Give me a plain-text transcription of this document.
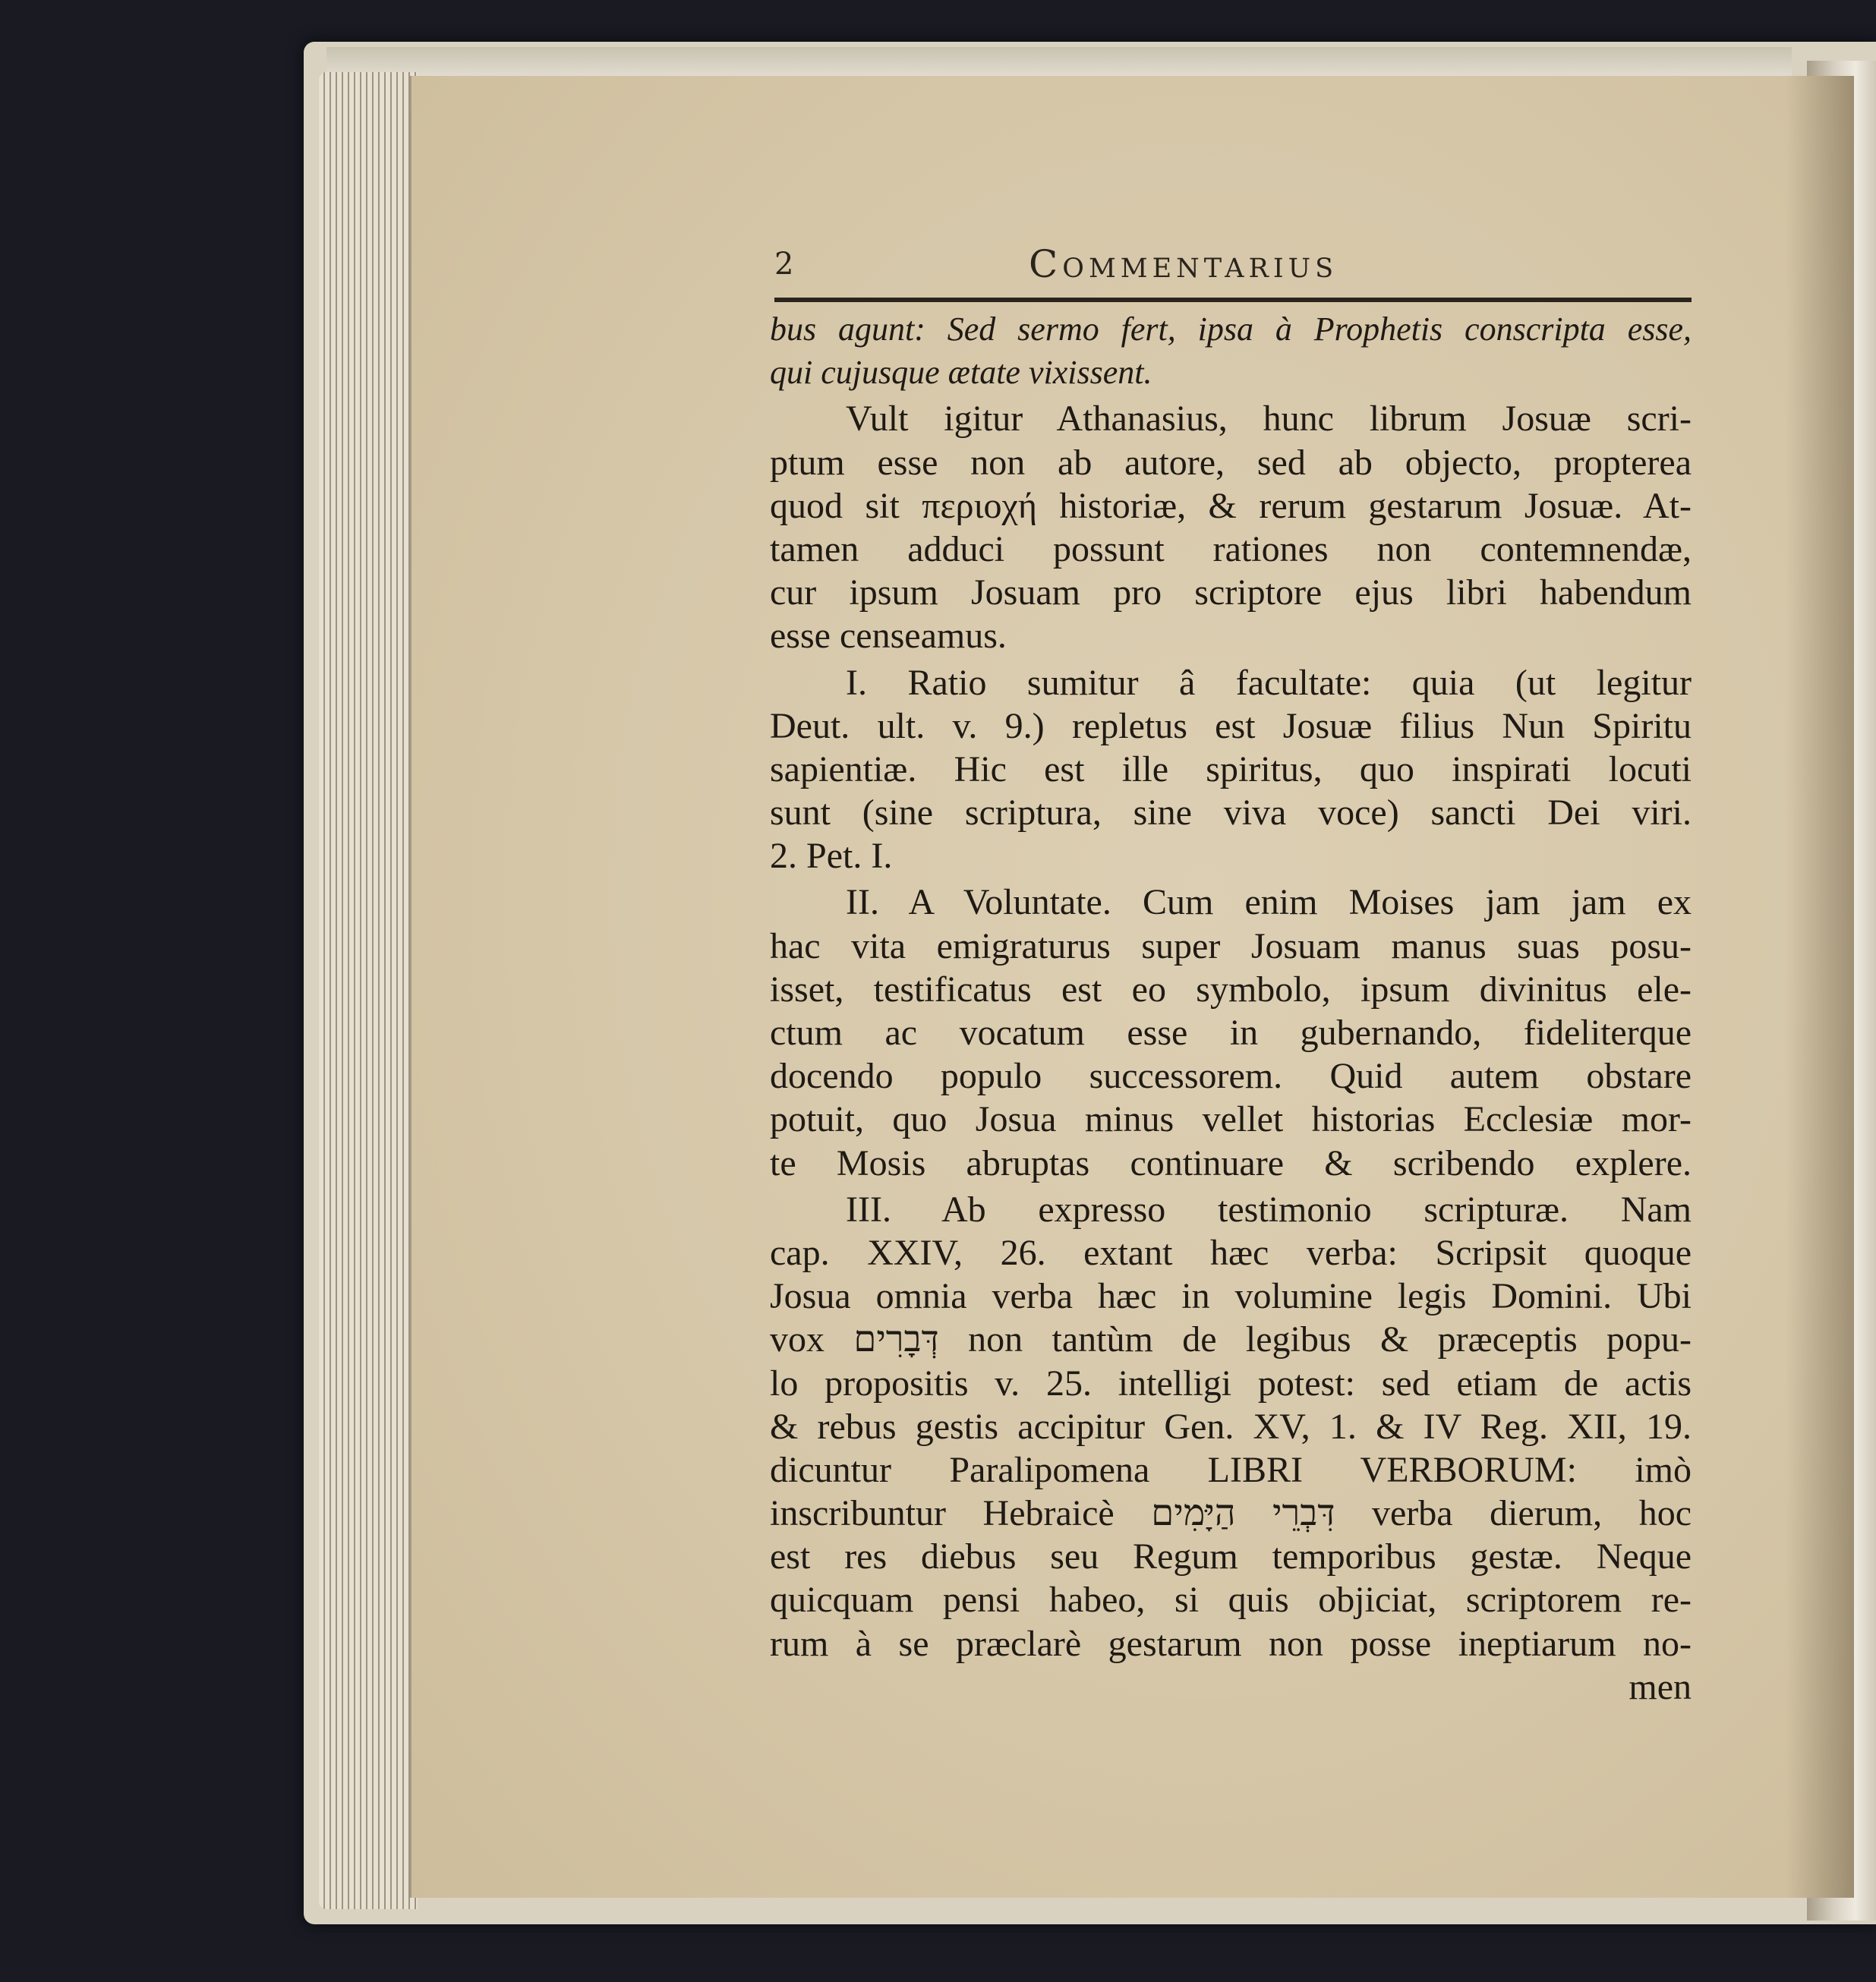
2	Commentarius
bus agunt: Sed sermo fert, ipsa à Prophetis conscripta esse,
qui cujusque ætate vixissent.
Vult igitur Athanasius, hunc librum Josuæ scri-
ptum esse non ab autore, sed ab objecto, propterea
quod sit περιοχή historiæ, & rerum gestarum Josuæ. At-
tamen adduci possunt rationes non contemnendæ,
cur ipsum Josuam pro scriptore ejus libri habendum
esse censeamus.
I. Ratio sumitur â facultate: quia (ut legitur
Deut. ult. v. 9.) repletus est Josuæ filius Nun Spiritu
sapientiæ. Hic est ille spiritus, quo inspirati locuti
sunt (sine scriptura, sine viva voce) sancti Dei viri.
2. Pet. I.
II. A Voluntate. Cum enim Moises jam jam ex
hac vita emigraturus super Josuam manus suas posu-
isset, testificatus est eo symbolo, ipsum divinitus ele-
ctum ac vocatum esse in gubernando, fideliterque
docendo populo successorem. Quid autem obstare
potuit, quo Josua minus vellet historias Ecclesiæ mor-
te Mosis abruptas continuare & scribendo explere.
III. Ab expresso testimonio scripturæ. Nam
cap. XXIV, 26. extant hæc verba: Scripsit quoque
Josua omnia verba hæc in volumine legis Domini. Ubi
vox דְּבָרִים non tantùm de legibus & præceptis popu-
lo propositis v. 25. intelligi potest: sed etiam de actis
& rebus gestis accipitur Gen. XV, 1. & IV Reg. XII, 19.
dicuntur Paralipomena LIBRI VERBORUM: imò
inscribuntur Hebraicè דִּבְרֵי הַיָּמִים verba dierum, hoc
est res diebus seu Regum temporibus gestæ. Neque
quicquam pensi habeo, si quis objiciat, scriptorem re-
rum à se præclarè gestarum non posse ineptiarum no-
men
